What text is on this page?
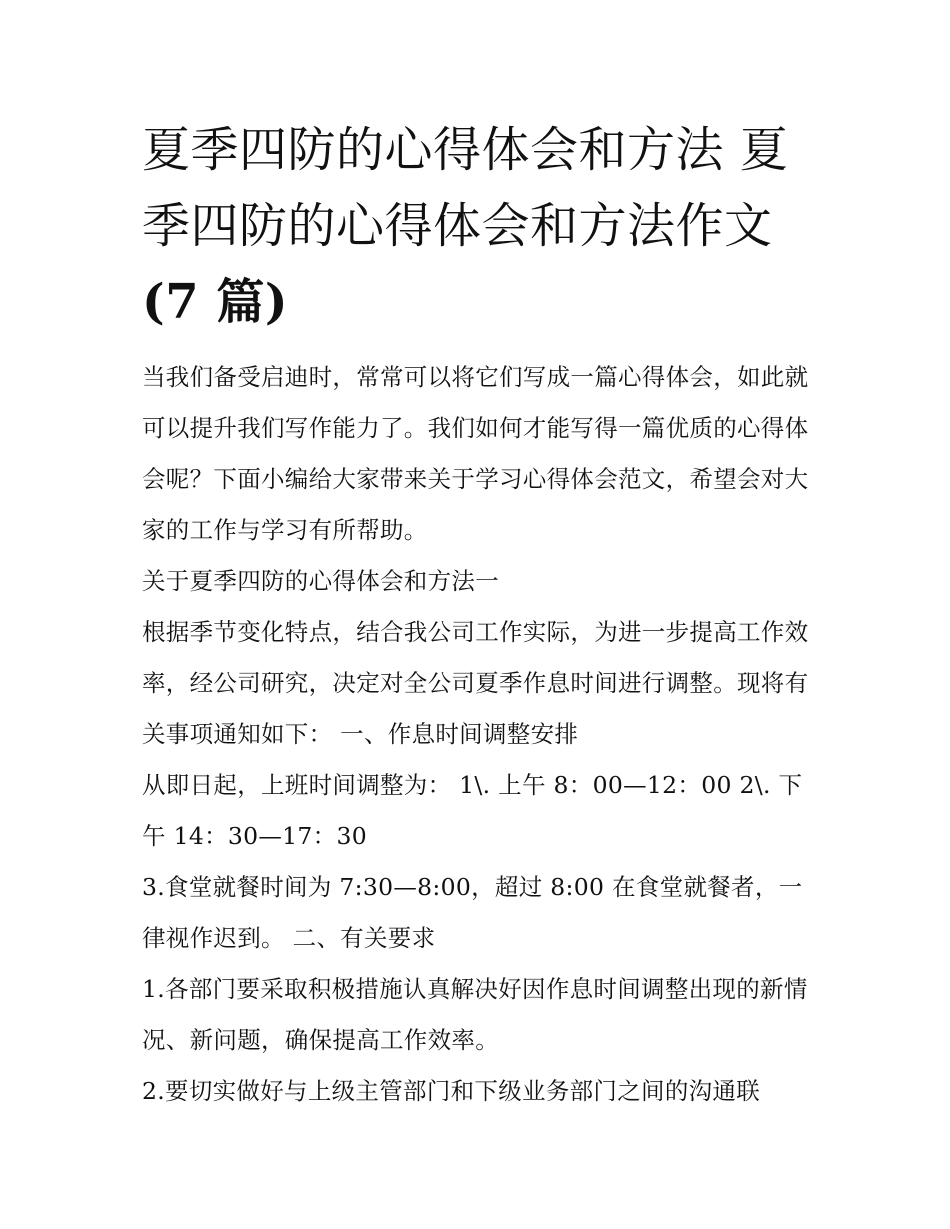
夏季四防的心得体会和方法 夏季四防的心得体会和方法作文
(7 篇)

当我们备受启迪时，常常可以将它们写成一篇心得体会，如此就可以提升我们写作能力了。我们如何才能写得一篇优质的心得体会呢？下面小编给大家带来关于学习心得体会范文，希望会对大家的工作与学习有所帮助。

关于夏季四防的心得体会和方法一

根据季节变化特点，结合我公司工作实际，为进一步提高工作效率，经公司研究，决定对全公司夏季作息时间进行调整。现将有关事项通知如下： 一、作息时间调整安排

从即日起，上班时间调整为： 1\. 上午 8：00—12：00 2\. 下午 14：30—17：30

3.食堂就餐时间为 7:30—8:00，超过 8:00 在食堂就餐者，一律视作迟到。 二、有关要求

1.各部门要采取积极措施认真解决好因作息时间调整出现的新情况、新问题，确保提高工作效率。

2.要切实做好与上级主管部门和下级业务部门之间的沟通联
